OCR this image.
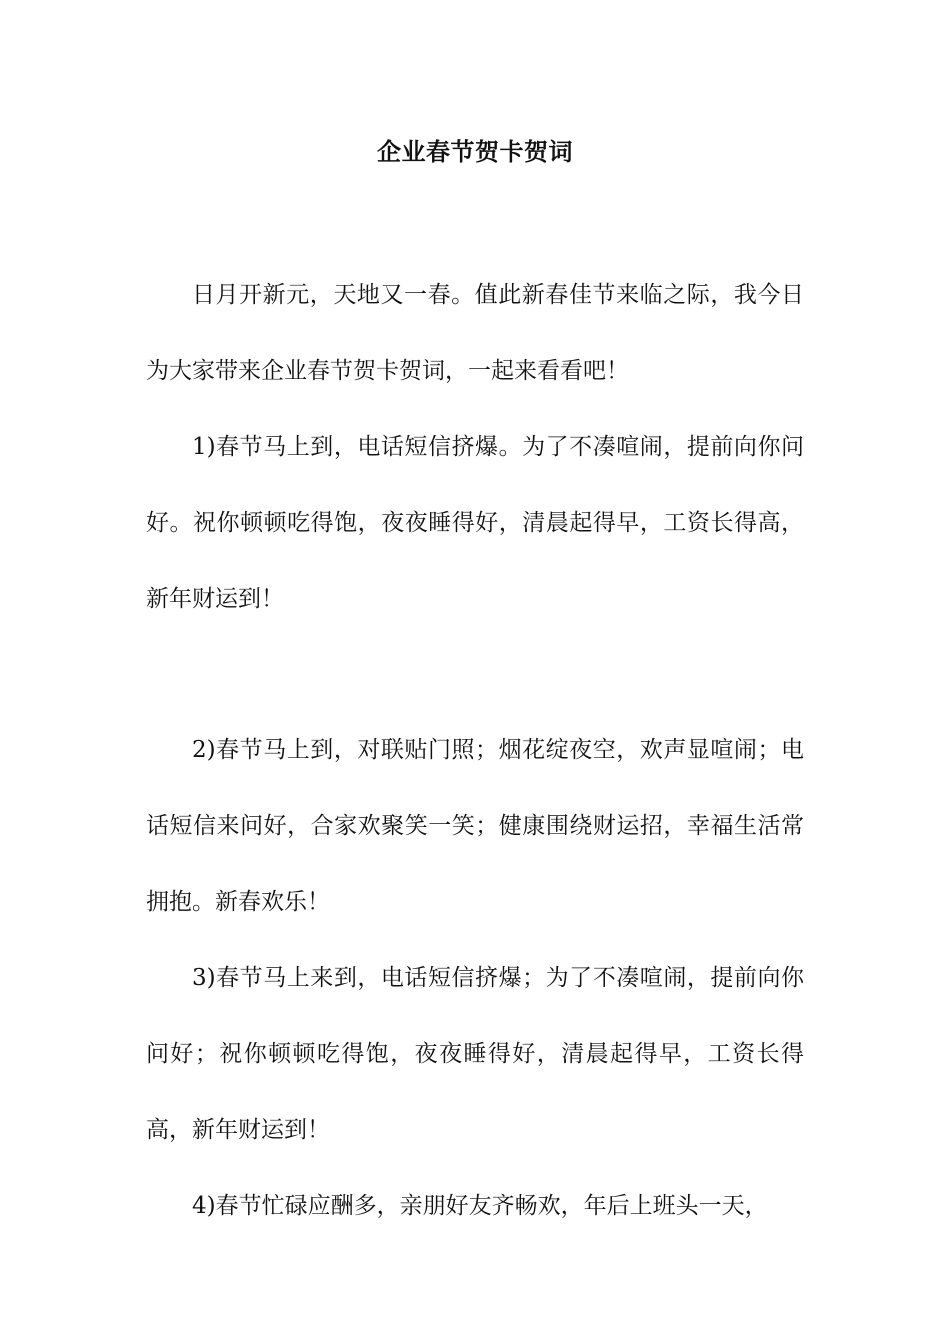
企业春节贺卡贺词

日月开新元，天地又一春。值此新春佳节来临之际，我今日为大家带来企业春节贺卡贺词，一起来看看吧！

1)春节马上到，电话短信挤爆。为了不凑喧闹，提前向你问好。祝你顿顿吃得饱，夜夜睡得好，清晨起得早，工资长得高，新年财运到！

2)春节马上到，对联贴门照；烟花绽夜空，欢声显喧闹；电话短信来问好，合家欢聚笑一笑；健康围绕财运招，幸福生活常拥抱。新春欢乐！

3)春节马上来到，电话短信挤爆；为了不凑喧闹，提前向你问好；祝你顿顿吃得饱，夜夜睡得好，清晨起得早，工资长得高，新年财运到！

4)春节忙碌应酬多，亲朋好友齐畅欢，年后上班头一天，
